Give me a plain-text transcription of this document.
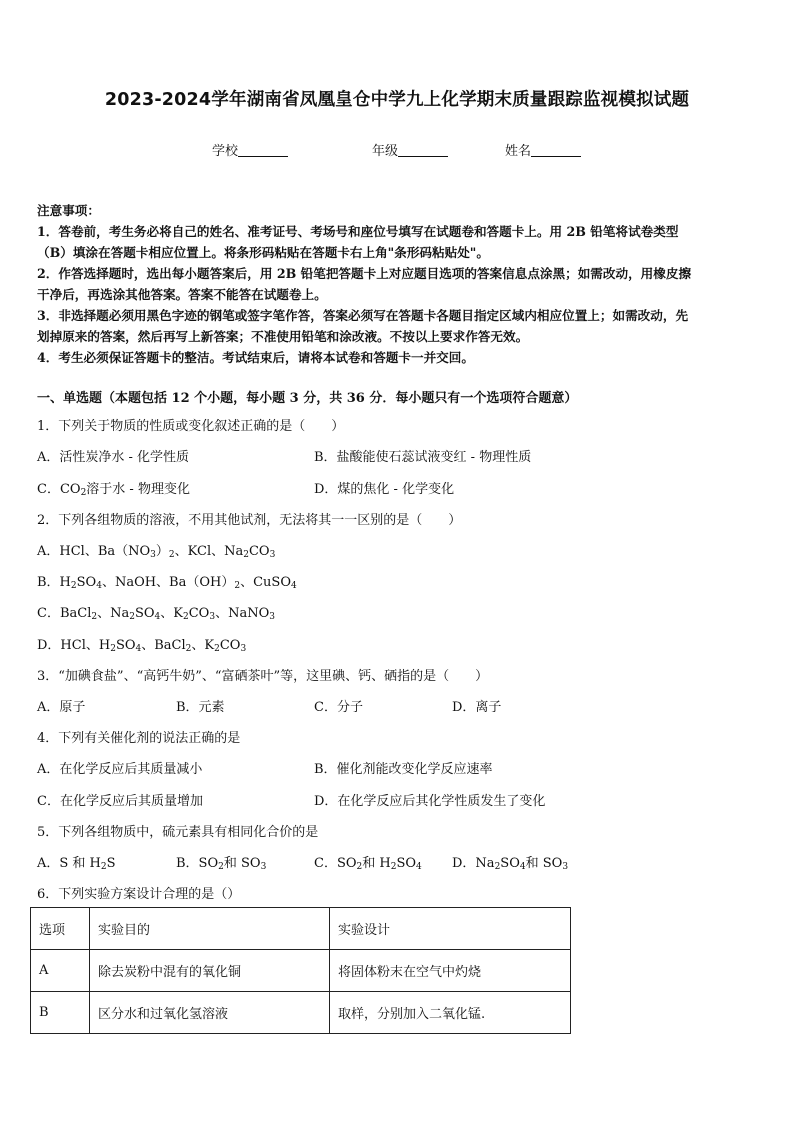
2023-2024学年湖南省凤凰皇仓中学九上化学期末质量跟踪监视模拟试题
学校	年级	姓名
注意事项：
1．答卷前，考生务必将自己的姓名、准考证号、考场号和座位号填写在试题卷和答题卡上。用 2B 铅笔将试卷类型
（B）填涂在答题卡相应位置上。将条形码粘贴在答题卡右上角"条形码粘贴处"。
2．作答选择题时，选出每小题答案后，用 2B 铅笔把答题卡上对应题目选项的答案信息点涂黑；如需改动，用橡皮擦
干净后，再选涂其他答案。答案不能答在试题卷上。
3．非选择题必须用黑色字迹的钢笔或签字笔作答，答案必须写在答题卡各题目指定区域内相应位置上；如需改动，先
划掉原来的答案，然后再写上新答案；不准使用铅笔和涂改液。不按以上要求作答无效。
4．考生必须保证答题卡的整洁。考试结束后，请将本试卷和答题卡一并交回。
一、单选题（本题包括 12 个小题，每小题 3 分，共 36 分．每小题只有一个选项符合题意）
1．下列关于物质的性质或变化叙述正确的是（　　）
A．活性炭净水 - 化学性质	B．盐酸能使石蕊试液变红 - 物理性质
C．$CO_2$溶于水 - 物理变化	D．煤的焦化 - 化学变化
2．下列各组物质的溶液，不用其他试剂，无法将其一一区别的是（　　）
A．HCl、$Ba(NO_3)_2$、KCl、$Na_2CO_3$
B．$H_2SO_4$、NaOH、$Ba(OH)_2$、CuSO$_4$
C．BaCl$_2$、$Na_2SO_4$、$K_2CO_3$、NaNO$_3$
D．HCl、$H_2SO_4$、BaCl$_2$、$K_2CO_3$
3．“加碘食盐”、“高钙牛奶”、“富硒茶叶”等，这里碘、钙、硒指的是（　　）
A．原子	B．元素	C．分子	D．离子
4．下列有关催化剂的说法正确的是
A．在化学反应后其质量减小	B．催化剂能改变化学反应速率
C．在化学反应后其质量增加	D．在化学反应后其化学性质发生了变化
5．下列各组物质中，硫元素具有相同化合价的是
A．S 和 $H_2S$	B．$SO_2$和 $SO_3$	C．$SO_2$和 $H_2SO_4$ D．$Na_2SO_4$和 $SO_3$
6．下列实验方案设计合理的是（）
选项	实验目的	实验设计
A	除去炭粉中混有的氧化铜	将固体粉末在空气中灼烧
B	区分水和过氧化氢溶液	取样，分别加入二氧化锰.
